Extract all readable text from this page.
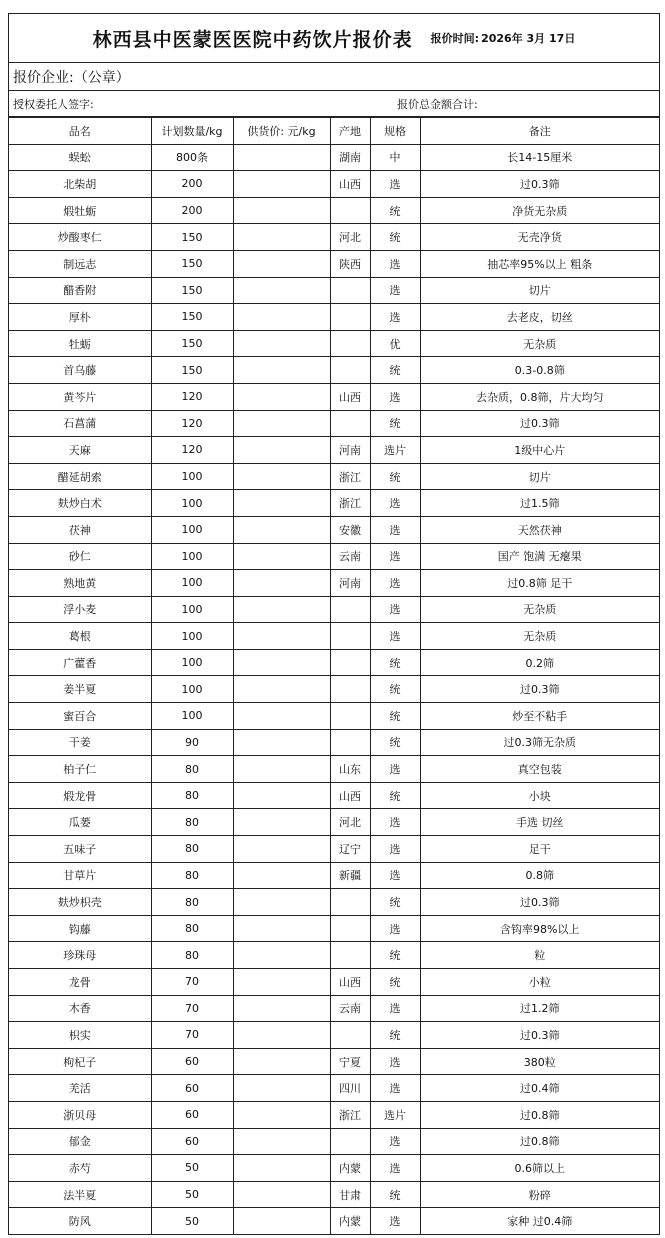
林西县中医蒙医医院中药饮片报价表 报价时间: 2026年 3月 17日
报价企业:（公章）
授权委托人签字:	报价总金额合计:
品名	计划数量/kg	供货价: 元/kg	产地	规格	备注
蜈蚣	800条		湖南	中	长14-15厘米
北柴胡	200		山西	选	过0.3筛
煅牡蛎	200			统	净货无杂质
炒酸枣仁	150		河北	统	无壳净货
制远志	150		陕西	选	抽芯率95%以上 粗条
醋香附	150			选	切片
厚朴	150			选	去老皮，切丝
牡蛎	150			优	无杂质
首乌藤	150			统	0.3-0.8筛
黄芩片	120		山西	选	去杂质，0.8筛，片大均匀
石菖蒲	120			统	过0.3筛
天麻	120		河南	选片	1级中心片
醋延胡索	100		浙江	统	切片
麸炒白术	100		浙江	选	过1.5筛
茯神	100		安徽	选	天然茯神
砂仁	100		云南	选	国产 饱满 无瘪果
熟地黄	100		河南	选	过0.8筛 足干
浮小麦	100			选	无杂质
葛根	100			选	无杂质
广藿香	100			统	0.2筛
姜半夏	100			统	过0.3筛
蜜百合	100			统	炒至不粘手
干姜	90			统	过0.3筛无杂质
柏子仁	80		山东	选	真空包装
煅龙骨	80		山西	统	小块
瓜蒌	80		河北	选	手选 切丝
五味子	80		辽宁	选	足干
甘草片	80		新疆	选	0.8筛
麸炒枳壳	80			统	过0.3筛
钩藤	80			选	含钩率98%以上
珍珠母	80			统	粒
龙骨	70		山西	统	小粒
木香	70		云南	选	过1.2筛
枳实	70			统	过0.3筛
枸杞子	60		宁夏	选	380粒
羌活	60		四川	选	过0.4筛
浙贝母	60		浙江	选片	过0.8筛
郁金	60			选	过0.8筛
赤芍	50		内蒙	选	0.6筛以上
法半夏	50		甘肃	统	粉碎
防风	50		内蒙	选	家种 过0.4筛
